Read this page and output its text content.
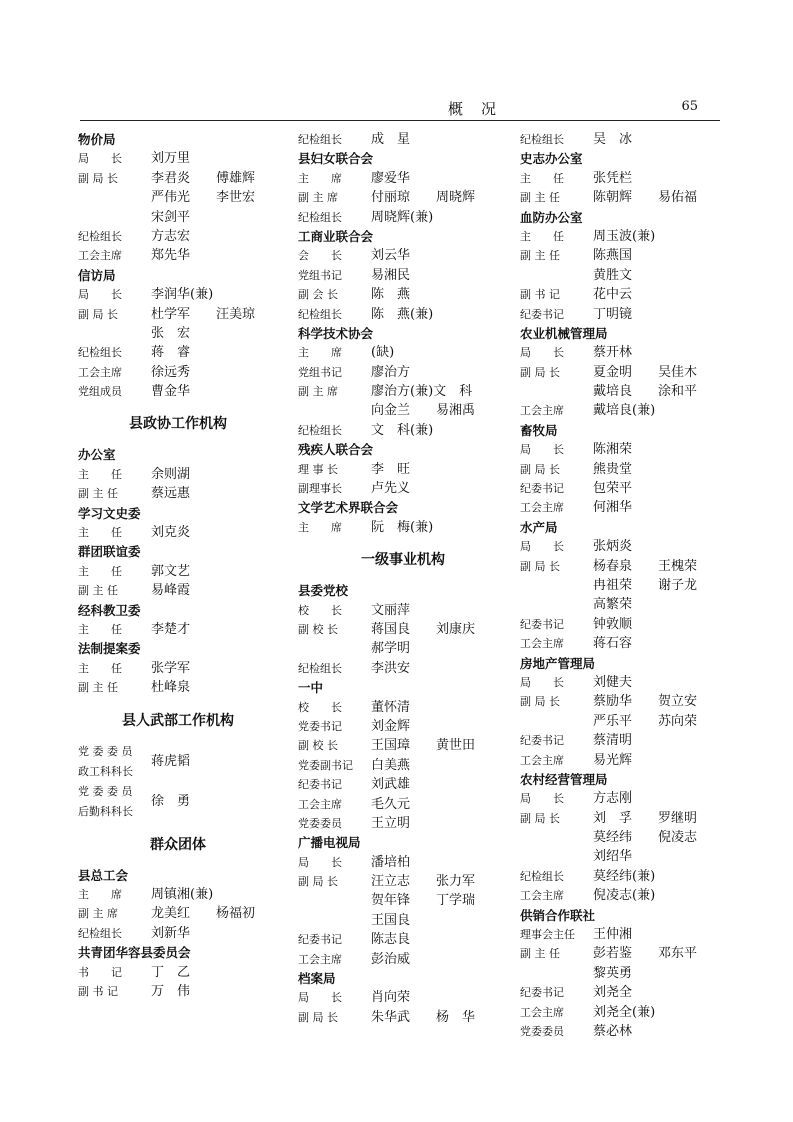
概况	65
物价局
局　　长 刘万里
副 局 长	李君炎 傅雄辉
严伟光 李世宏
宋剑平
纪检组长 方志宏
工会主席 郑先华
信访局
局　　长 李润华(兼)
副 局 长	杜学军 汪美琼
张　宏
纪检组长 蒋　睿
工会主席 徐远秀
党组成员 曹金华
县政协工作机构
办公室
主　　任 余则湖
副 主 任	蔡远惠
学习文史委
主　　任 刘克炎
群团联谊委
主　　任 郭文艺
副 主 任	易峰霞
经科教卫委
主　　任 李楚才
法制提案委
主　　任 张学军
副 主 任	杜峰泉
县人武部工作机构
党 委 委 员
政工科科长
蒋虎韬
党 委 委 员
后勤科科长
徐　勇
群众团体
县总工会
主　　席 周镇湘(兼)
副 主 席	龙美红 杨福初
纪检组长 刘新华
共青团华容县委员会
书　　记 丁　乙
副 书 记	万　伟
纪检组长 成　星
县妇女联合会
主　　席 廖爱华
副 主 席	付丽琼 周晓辉
纪检组长 周晓辉(兼)
工商业联合会
会　　长 刘云华
党组书记 易湘民
副 会 长	陈　燕
纪检组长 陈　燕(兼)
科学技术协会
主　　席 (缺)
党组书记 廖治方
副 主 席	廖治方(兼)文　科
向金兰 易湘禹
纪检组长 文　科(兼)
残疾人联合会
理 事 长	李　旺
副理事长 卢先义
文学艺术界联合会
主　　席 阮　梅(兼)
一级事业机构
县委党校
校　　长 文丽萍
副 校 长	蒋国良 刘康庆
郝学明
纪检组长 李洪安
一中
校　　长 董怀清
党委书记 刘金辉
副 校 长	王国璋 黄世田
党委副书记 白美燕
纪委书记 刘武雄
工会主席 毛久元
党委委员 王立明
广播电视局
局　　长 潘培柏
副 局 长	汪立志 张力军
贺年锋 丁学瑞
王国良
纪委书记 陈志良
工会主席 彭治威
档案局
局　　长 肖向荣
副 局 长	朱华武 杨　华
纪检组长 吴　冰
史志办公室
主　　任 张凭栏
副 主 任	陈朝辉 易佑福
血防办公室
主　　任 周玉波(兼)
副 主 任	陈燕国
黄胜文
副 书 记	花中云
纪委书记 丁明镜
农业机械管理局
局　　长 蔡开林
副 局 长	夏金明 吴佳木
戴培良 涂和平
工会主席 戴培良(兼)
畜牧局
局　　长 陈湘荣
副 局 长	熊贵堂
纪委书记 包荣平
工会主席 何湘华
水产局
局　　长 张炳炎
副 局 长	杨春泉 王槐荣
冉祖荣 谢子龙
高繁荣
纪委书记 钟敦顺
工会主席 蒋石容
房地产管理局
局　　长 刘健夫
副 局 长	蔡励华 贺立安
严乐平 苏向荣
纪委书记 蔡清明
工会主席 易光辉
农村经营管理局
局　　长 方志刚
副 局 长	刘　孚 罗继明
莫经纬 倪凌志
刘绍华
纪检组长 莫经纬(兼)
工会主席 倪凌志(兼)
供销合作联社
理事会主任 王仲湘
副 主 任	彭若鉴 邓东平
黎英勇
纪委书记 刘尧全
工会主席 刘尧全(兼)
党委委员 蔡必林
